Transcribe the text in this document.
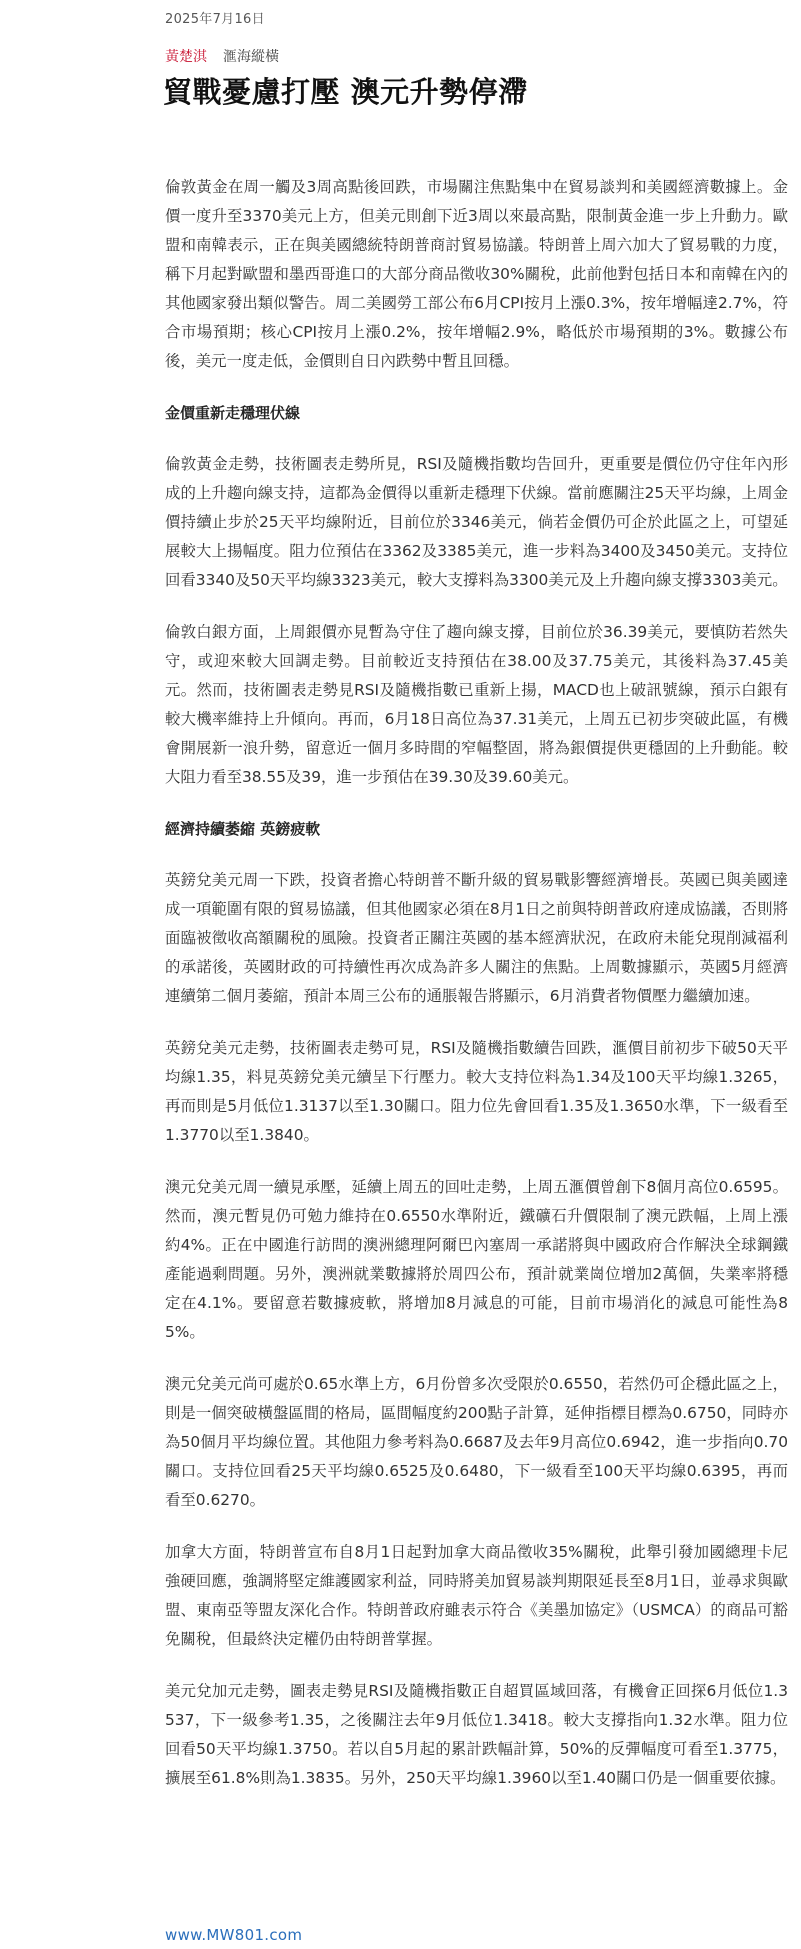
2025年7月16日
黃楚淇 滙海縱橫
貿戰憂慮打壓 澳元升勢停滯

倫敦黃金在周一觸及3周高點後回跌，市場關注焦點集中在貿易談判和美國經濟數據上。金價一度升至3370美元上方，但美元則創下近3周以來最高點，限制黃金進一步上升動力。歐盟和南韓表示，正在與美國總統特朗普商討貿易協議。特朗普上周六加大了貿易戰的力度，稱下月起對歐盟和墨西哥進口的大部分商品徵收30%關稅，此前他對包括日本和南韓在內的其他國家發出類似警告。周二美國勞工部公布6月CPI按月上漲0.3%，按年增幅達2.7%，符合市場預期；核心CPI按月上漲0.2%，按年增幅2.9%，略低於市場預期的3%。數據公布後，美元一度走低，金價則自日內跌勢中暫且回穩。

金價重新走穩理伏線

倫敦黃金走勢，技術圖表走勢所見，RSI及隨機指數均告回升，更重要是價位仍守住年內形成的上升趨向線支持，這都為金價得以重新走穩理下伏線。當前應關注25天平均線，上周金價持續止步於25天平均線附近，目前位於3346美元，倘若金價仍可企於此區之上，可望延展較大上揚幅度。阻力位預估在3362及3385美元，進一步料為3400及3450美元。支持位回看3340及50天平均線3323美元，較大支撐料為3300美元及上升趨向線支撐3303美元。

倫敦白銀方面，上周銀價亦見暫為守住了趨向線支撐，目前位於36.39美元，要慎防若然失守，或迎來較大回調走勢。目前較近支持預估在38.00及37.75美元，其後料為37.45美元。然而，技術圖表走勢見RSI及隨機指數已重新上揚，MACD也上破訊號線，預示白銀有較大機率維持上升傾向。再而，6月18日高位為37.31美元，上周五已初步突破此區，有機會開展新一浪升勢，留意近一個月多時間的窄幅整固，將為銀價提供更穩固的上升動能。較大阻力看至38.55及39，進一步預估在39.30及39.60美元。

經濟持續萎縮 英鎊疲軟

英鎊兌美元周一下跌，投資者擔心特朗普不斷升級的貿易戰影響經濟增長。英國已與美國達成一項範圍有限的貿易協議，但其他國家必須在8月1日之前與特朗普政府達成協議，否則將面臨被徵收高額關稅的風險。投資者正關注英國的基本經濟狀況，在政府未能兌現削減福利的承諾後，英國財政的可持續性再次成為許多人關注的焦點。上周數據顯示，英國5月經濟連續第二個月萎縮，預計本周三公布的通脹報告將顯示，6月消費者物價壓力繼續加速。

英鎊兌美元走勢，技術圖表走勢可見，RSI及隨機指數續告回跌，滙價目前初步下破50天平均線1.35，料見英鎊兌美元續呈下行壓力。較大支持位料為1.34及100天平均線1.3265，再而則是5月低位1.3137以至1.30關口。阻力位先會回看1.35及1.3650水準，下一級看至1.3770以至1.3840。

澳元兌美元周一續見承壓，延續上周五的回吐走勢，上周五滙價曾創下8個月高位0.6595。然而，澳元暫見仍可勉力維持在0.6550水準附近，鐵礦石升價限制了澳元跌幅，上周上漲約4%。正在中國進行訪問的澳洲總理阿爾巴內塞周一承諾將與中國政府合作解決全球鋼鐵產能過剩問題。另外，澳洲就業數據將於周四公布，預計就業崗位增加2萬個，失業率將穩定在4.1%。要留意若數據疲軟，將增加8月減息的可能，目前市場消化的減息可能性為85%。

澳元兌美元尚可處於0.65水準上方，6月份曾多次受限於0.6550，若然仍可企穩此區之上，則是一個突破橫盤區間的格局，區間幅度約200點子計算，延伸指標目標為0.6750，同時亦為50個月平均線位置。其他阻力參考料為0.6687及去年9月高位0.6942，進一步指向0.70關口。支持位回看25天平均線0.6525及0.6480，下一級看至100天平均線0.6395，再而看至0.6270。

加拿大方面，特朗普宣布自8月1日起對加拿大商品徵收35%關稅，此舉引發加國總理卡尼強硬回應，強調將堅定維護國家利益，同時將美加貿易談判期限延長至8月1日，並尋求與歐盟、東南亞等盟友深化合作。特朗普政府雖表示符合《美墨加協定》（USMCA）的商品可豁免關稅，但最終決定權仍由特朗普掌握。

美元兌加元走勢，圖表走勢見RSI及隨機指數正自超買區域回落，有機會正回探6月低位1.3537，下一級參考1.35，之後關注去年9月低位1.3418。較大支撐指向1.32水準。阻力位回看50天平均線1.3750。若以自5月起的累計跌幅計算，50%的反彈幅度可看至1.3775，擴展至61.8%則為1.3835。另外，250天平均線1.3960以至1.40關口仍是一個重要依據。

www.MW801.com
